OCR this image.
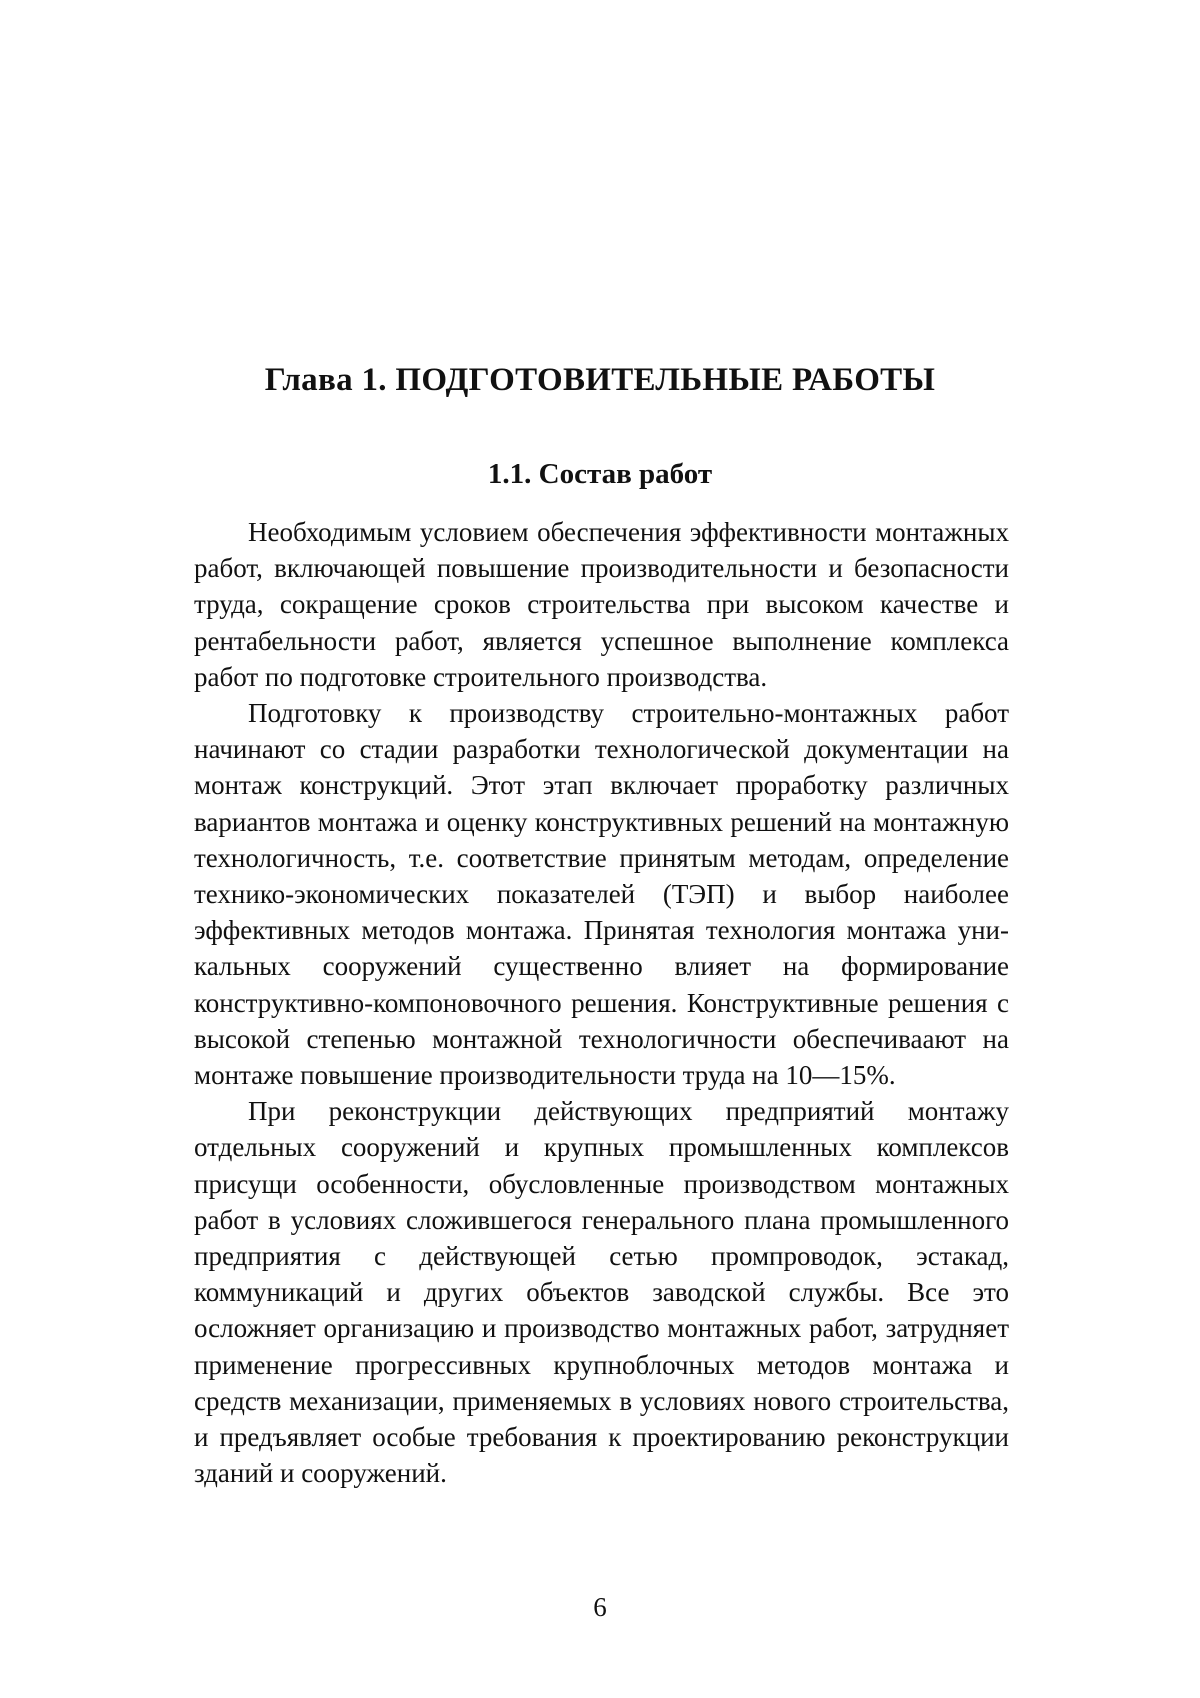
Глава 1. ПОДГОТОВИТЕЛЬНЫЕ РАБОТЫ
1.1. Состав работ

Необходимым условием обеспечения эффективности монтажных работ, включающей повышение производительности и безопасности труда, сокращение сроков строительства при высоком качестве и рентабельности работ, является успешное выполнение комплекса работ по подготовке строительного производства.

Подготовку к производству строительно-монтажных работ начинают со стадии разработки технологической документации на монтаж конструкций. Этот этап включает проработку различных вариантов монтажа и оценку конструктивных решений на монтажную технологичность, т.е. соответствие принятым методам, определение технико-экономических показателей (ТЭП) и выбор наиболее эффективных методов монтажа. Принятая технология монтажа уникальных сооружений существенно влияет на формирование конструктивно-компоновочного решения. Конструктивные решения с высокой степенью монтажной технологичности обеспечиваают на монтаже повышение производительности труда на 10—15%.

При реконструкции действующих предприятий монтажу отдельных сооружений и крупных промышленных комплексов присущи особенности, обусловленные производством монтажных работ в условиях сложившегося генерального плана промышленного предприятия с действующей сетью промпроводок, эстакад, коммуникаций и других объектов заводской службы. Все это осложняет организацию и производство монтажных работ, затрудняет применение прогрессивных крупноблочных методов монтажа и средств механизации, применяемых в условиях нового строительства, и предъявляет особые требования к проектированию реконструкции зданий и сооружений.

6
